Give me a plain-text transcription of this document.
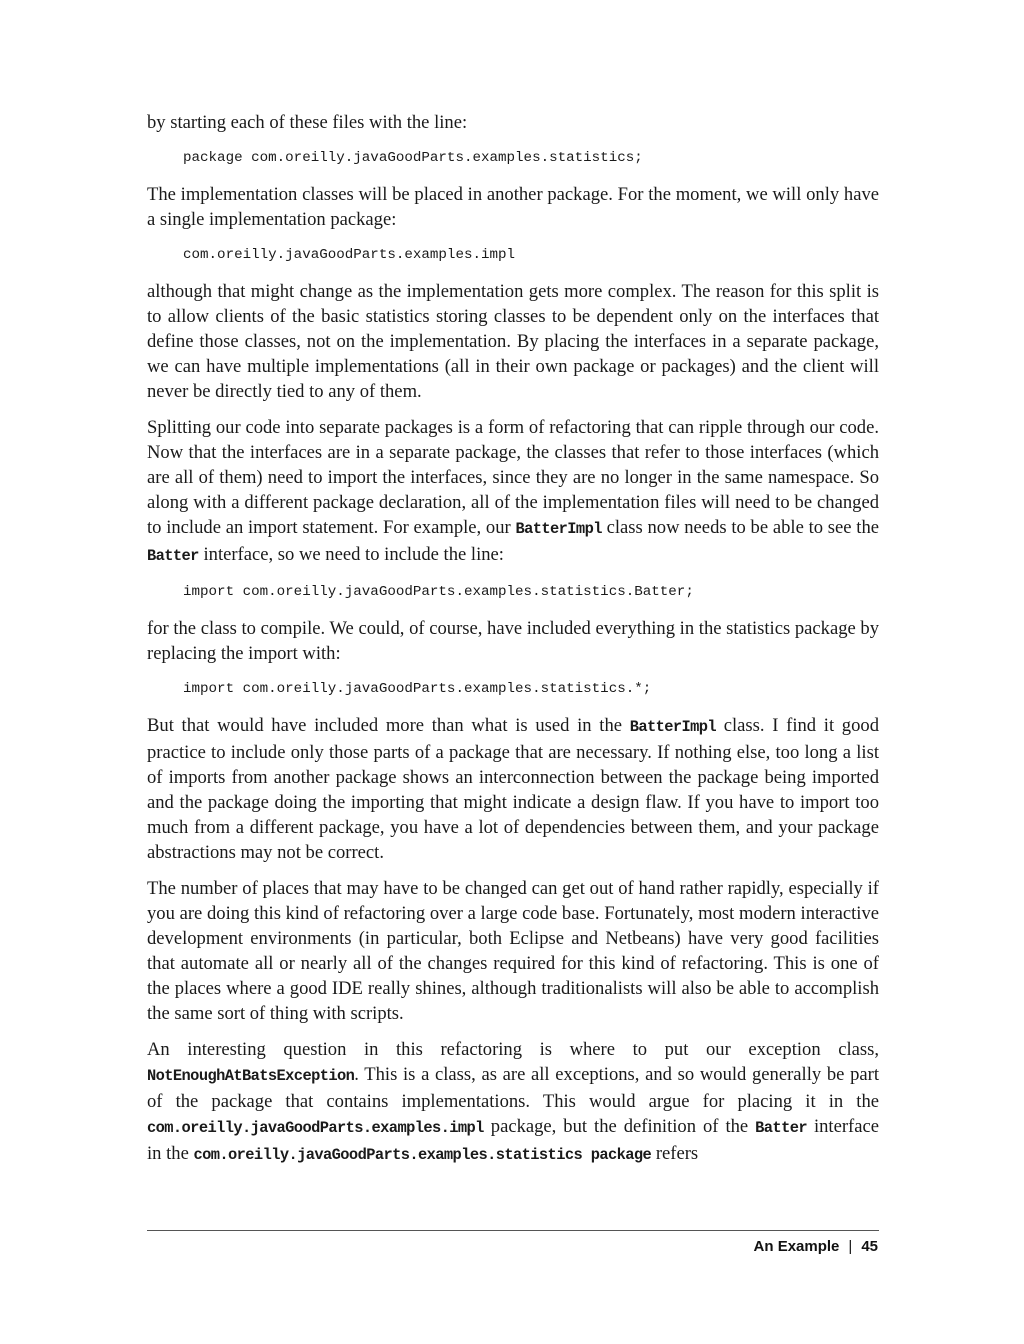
by starting each of these files with the line:

package com.oreilly.javaGoodParts.examples.statistics;

The implementation classes will be placed in another package. For the moment, we will only have a single implementation package:

com.oreilly.javaGoodParts.examples.impl

although that might change as the implementation gets more complex. The reason for this split is to allow clients of the basic statistics storing classes to be dependent only on the interfaces that define those classes, not on the implementation. By placing the interfaces in a separate package, we can have multiple implementations (all in their own package or packages) and the client will never be directly tied to any of them.

Splitting our code into separate packages is a form of refactoring that can ripple through our code. Now that the interfaces are in a separate package, the classes that refer to those interfaces (which are all of them) need to import the interfaces, since they are no longer in the same namespace. So along with a different package declaration, all of the implementation files will need to be changed to include an import statement. For example, our BatterImpl class now needs to be able to see the Batter interface, so we need to include the line:

import com.oreilly.javaGoodParts.examples.statistics.Batter;

for the class to compile. We could, of course, have included everything in the statistics package by replacing the import with:

import com.oreilly.javaGoodParts.examples.statistics.*;

But that would have included more than what is used in the BatterImpl class. I find it good practice to include only those parts of a package that are necessary. If nothing else, too long a list of imports from another package shows an interconnection between the package being imported and the package doing the importing that might indicate a design flaw. If you have to import too much from a different package, you have a lot of dependencies between them, and your package abstractions may not be correct.

The number of places that may have to be changed can get out of hand rather rapidly, especially if you are doing this kind of refactoring over a large code base. Fortunately, most modern interactive development environments (in particular, both Eclipse and Netbeans) have very good facilities that automate all or nearly all of the changes required for this kind of refactoring. This is one of the places where a good IDE really shines, although traditionalists will also be able to accomplish the same sort of thing with scripts.

An interesting question in this refactoring is where to put our exception class, NotEnoughAtBatsException. This is a class, as are all exceptions, and so would generally be part of the package that contains implementations. This would argue for placing it in the com.oreilly.javaGoodParts.examples.impl package, but the definition of the Batter interface in the com.oreilly.javaGoodParts.examples.statistics package refers

An Example | 45
